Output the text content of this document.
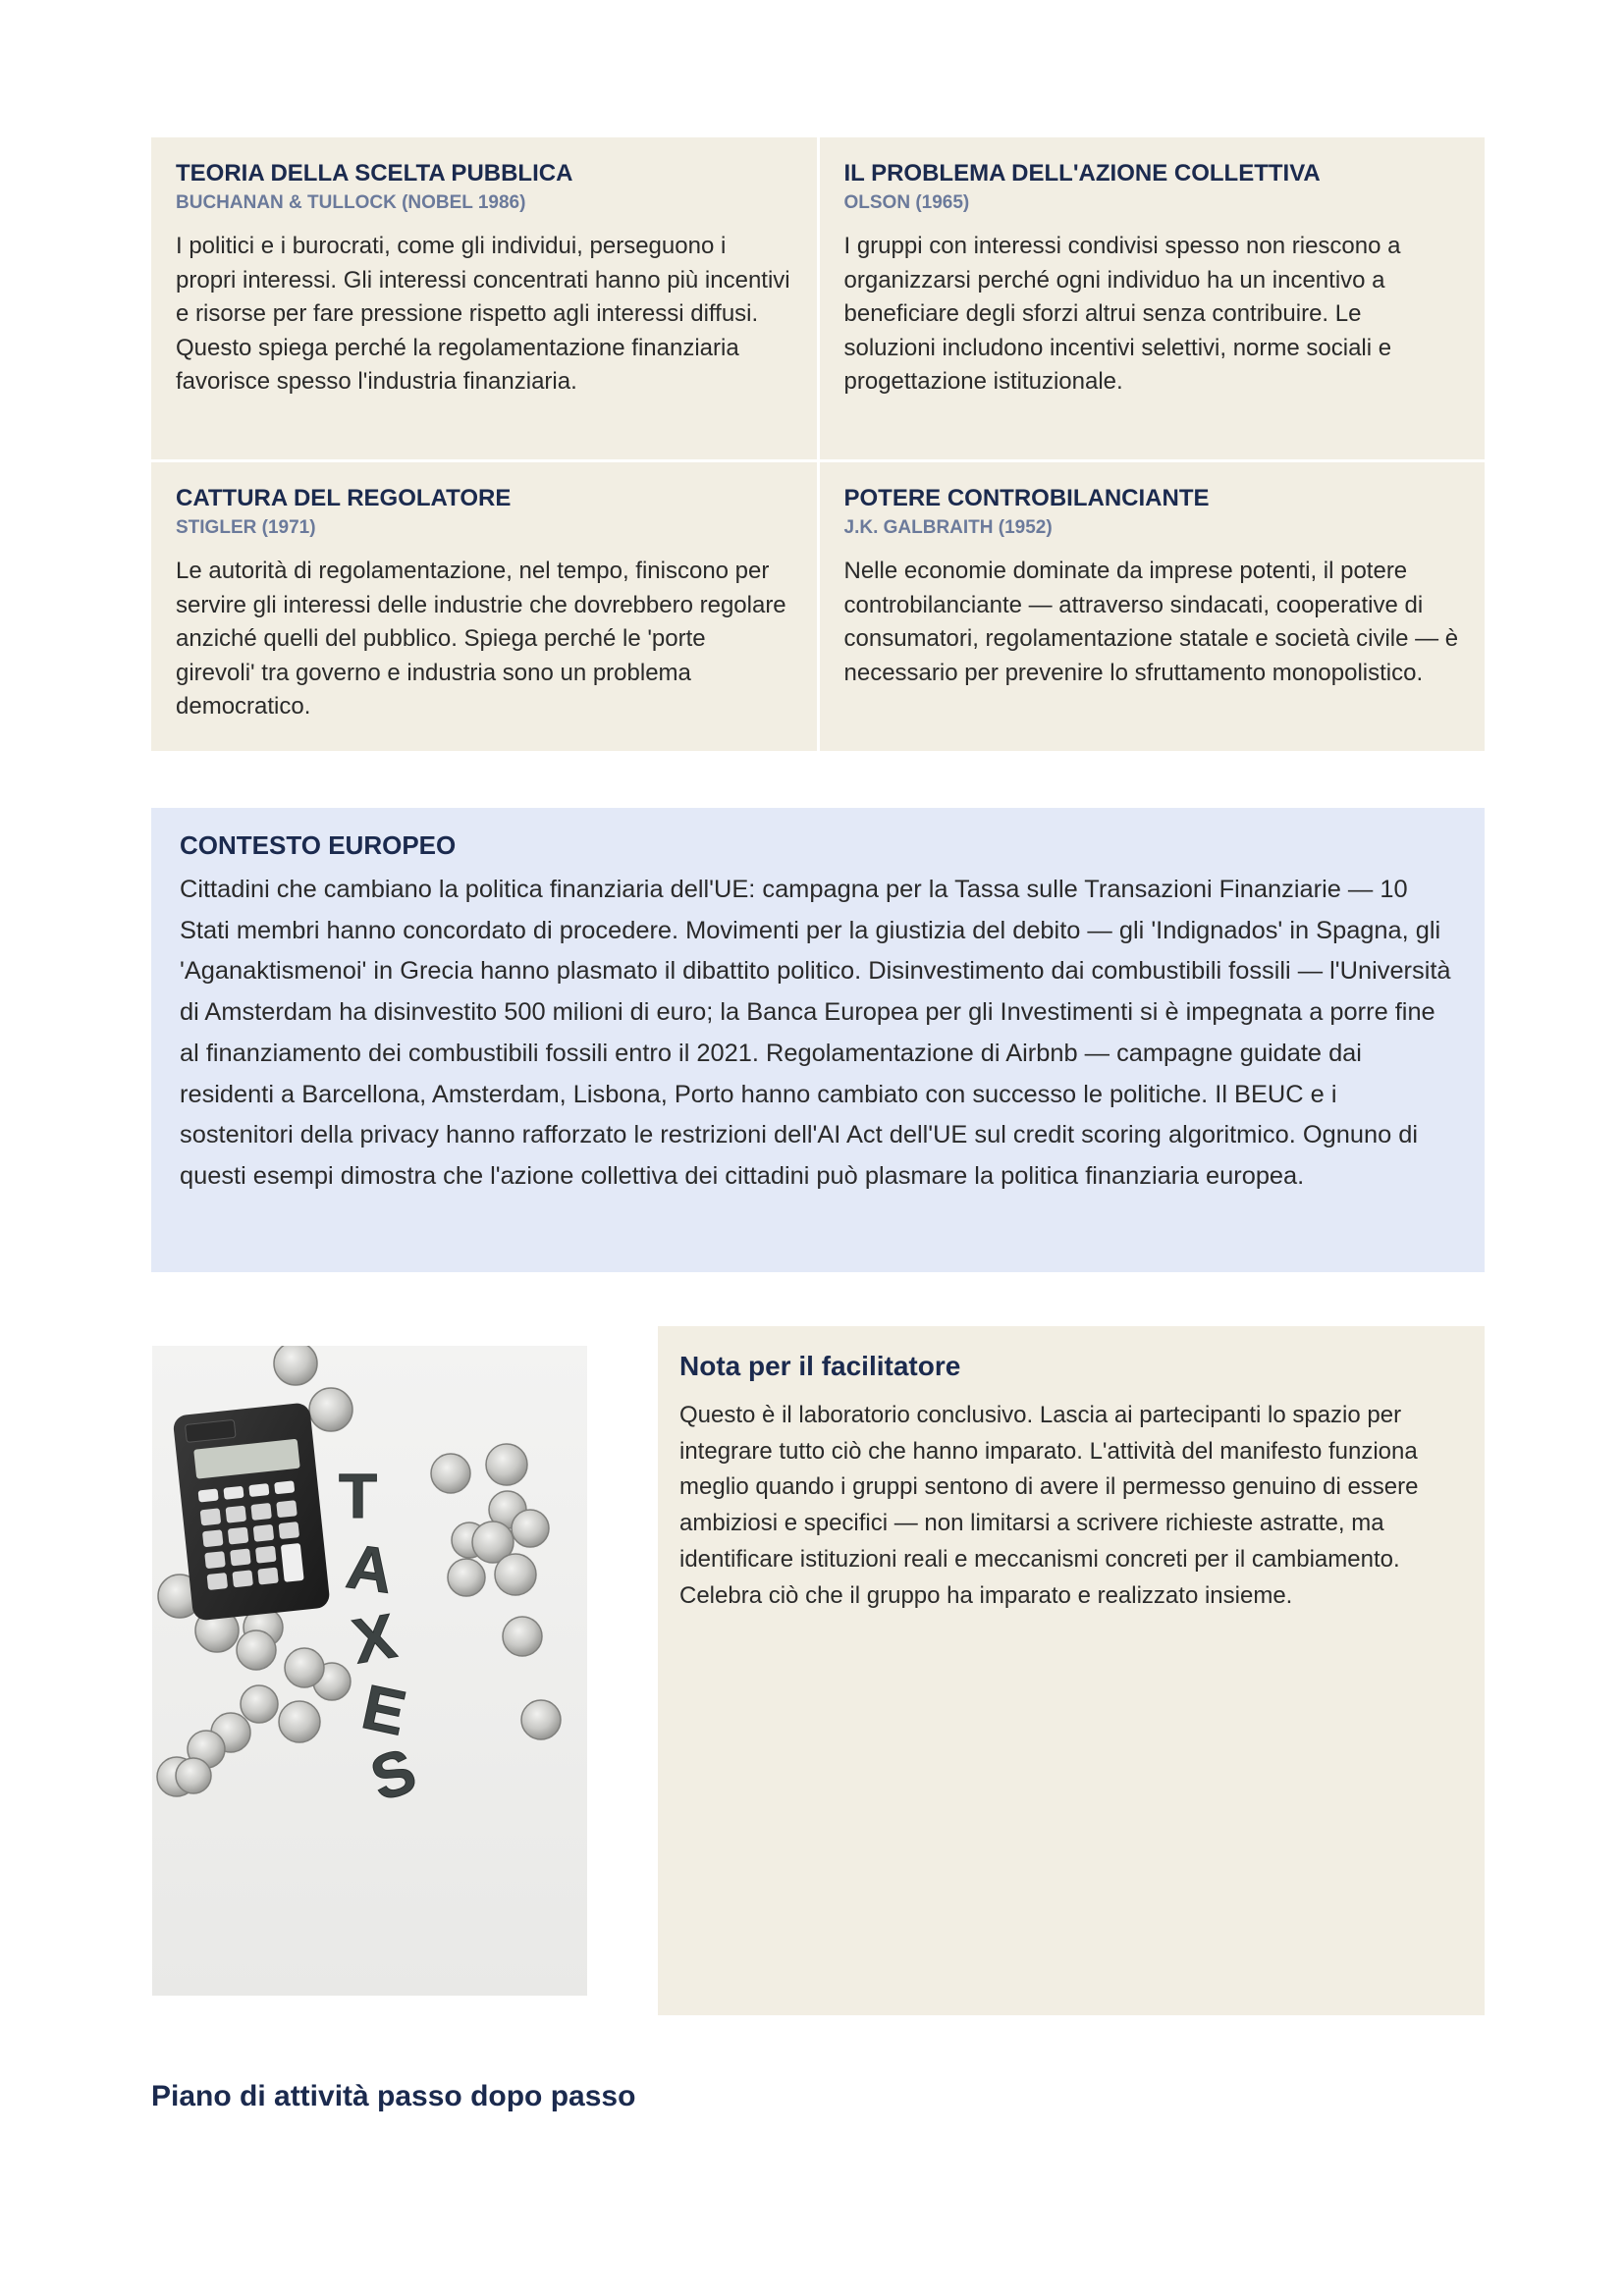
TEORIA DELLA SCELTA PUBBLICA
BUCHANAN & TULLOCK (NOBEL 1986)
I politici e i burocrati, come gli individui, perseguono i propri interessi. Gli interessi concentrati hanno più incentivi e risorse per fare pressione rispetto agli interessi diffusi. Questo spiega perché la regolamentazione finanziaria favorisce spesso l'industria finanziaria.
IL PROBLEMA DELL'AZIONE COLLETTIVA
OLSON (1965)
I gruppi con interessi condivisi spesso non riescono a organizzarsi perché ogni individuo ha un incentivo a beneficiare degli sforzi altrui senza contribuire. Le soluzioni includono incentivi selettivi, norme sociali e progettazione istituzionale.
CATTURA DEL REGOLATORE
STIGLER (1971)
Le autorità di regolamentazione, nel tempo, finiscono per servire gli interessi delle industrie che dovrebbero regolare anziché quelli del pubblico. Spiega perché le 'porte girevoli' tra governo e industria sono un problema democratico.
POTERE CONTROBILANCIANTE
J.K. GALBRAITH (1952)
Nelle economie dominate da imprese potenti, il potere controbilanciante — attraverso sindacati, cooperative di consumatori, regolamentazione statale e società civile — è necessario per prevenire lo sfruttamento monopolistico.
CONTESTO EUROPEO
Cittadini che cambiano la politica finanziaria dell'UE: campagna per la Tassa sulle Transazioni Finanziarie — 10 Stati membri hanno concordato di procedere. Movimenti per la giustizia del debito — gli 'Indignados' in Spagna, gli 'Aganaktismenoi' in Grecia hanno plasmato il dibattito politico. Disinvestimento dai combustibili fossili — l'Università di Amsterdam ha disinvestito 500 milioni di euro; la Banca Europea per gli Investimenti si è impegnata a porre fine al finanziamento dei combustibili fossili entro il 2021. Regolamentazione di Airbnb — campagne guidate dai residenti a Barcellona, Amsterdam, Lisbona, Porto hanno cambiato con successo le politiche. Il BEUC e i sostenitori della privacy hanno rafforzato le restrizioni dell'AI Act dell'UE sul credit scoring algoritmico. Ognuno di questi esempi dimostra che l'azione collettiva dei cittadini può plasmare la politica finanziaria europea.
T
A
X
E
S
Nota per il facilitatore
Questo è il laboratorio conclusivo. Lascia ai partecipanti lo spazio per integrare tutto ciò che hanno imparato. L'attività del manifesto funziona meglio quando i gruppi sentono di avere il permesso genuino di essere ambiziosi e specifici — non limitarsi a scrivere richieste astratte, ma identificare istituzioni reali e meccanismi concreti per il cambiamento. Celebra ciò che il gruppo ha imparato e realizzato insieme.
Piano di attività passo dopo passo
